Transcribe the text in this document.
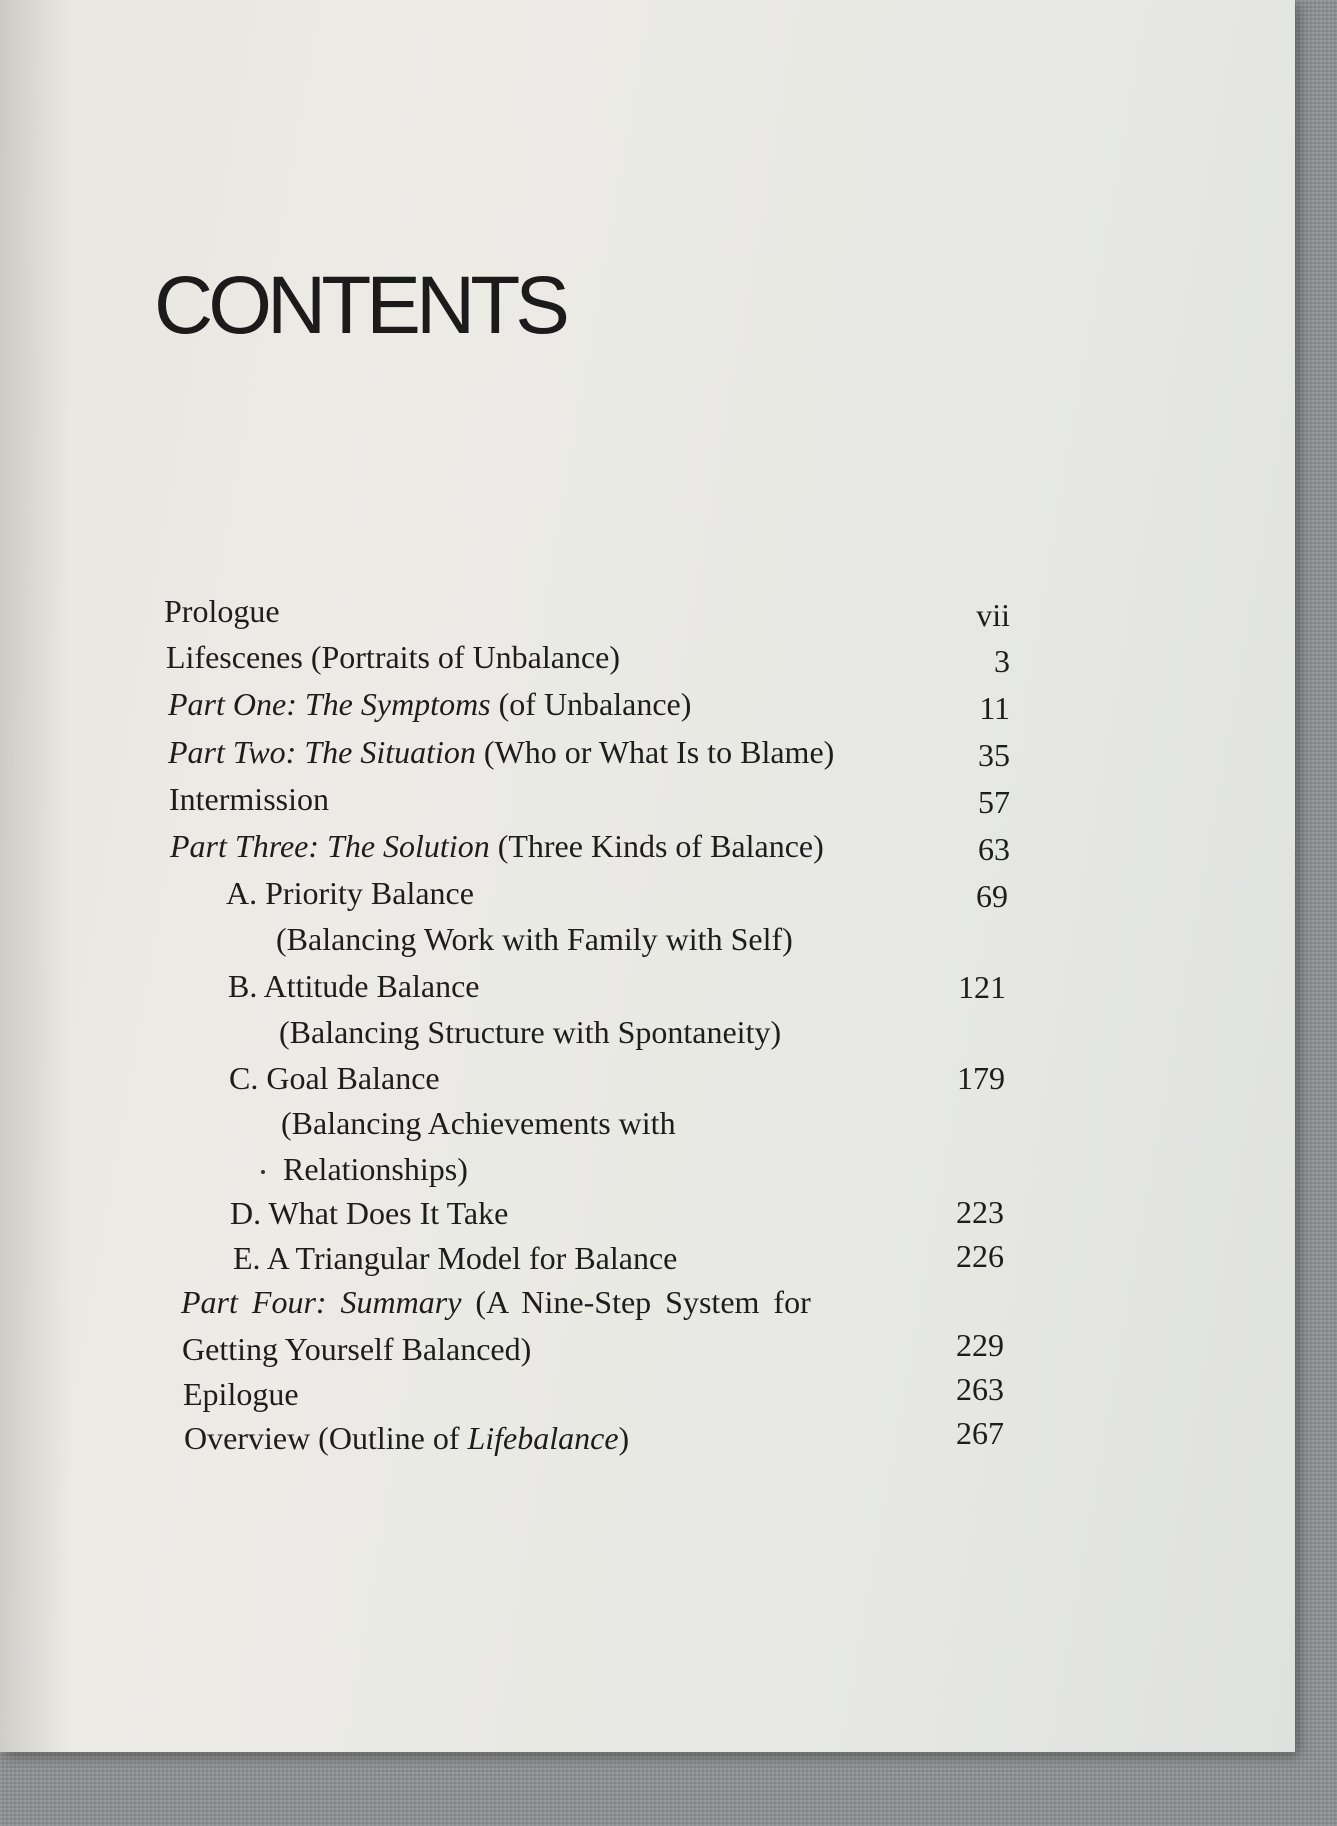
CONTENTS
Prologue	vii
Lifescenes (Portraits of Unbalance)	3
Part One: The Symptoms (of Unbalance)	11
Part Two: The Situation (Who or What Is to Blame)	35
Intermission	57
Part Three: The Solution (Three Kinds of Balance)	63
A. Priority Balance	69
(Balancing Work with Family with Self)
B. Attitude Balance	121
(Balancing Structure with Spontaneity)
C. Goal Balance	179
(Balancing Achievements with
Relationships)
D. What Does It Take	223
E. A Triangular Model for Balance	226
Part Four: Summary (A Nine-Step System for
Getting Yourself Balanced)	229
Epilogue	263
Overview (Outline of Lifebalance)	267
